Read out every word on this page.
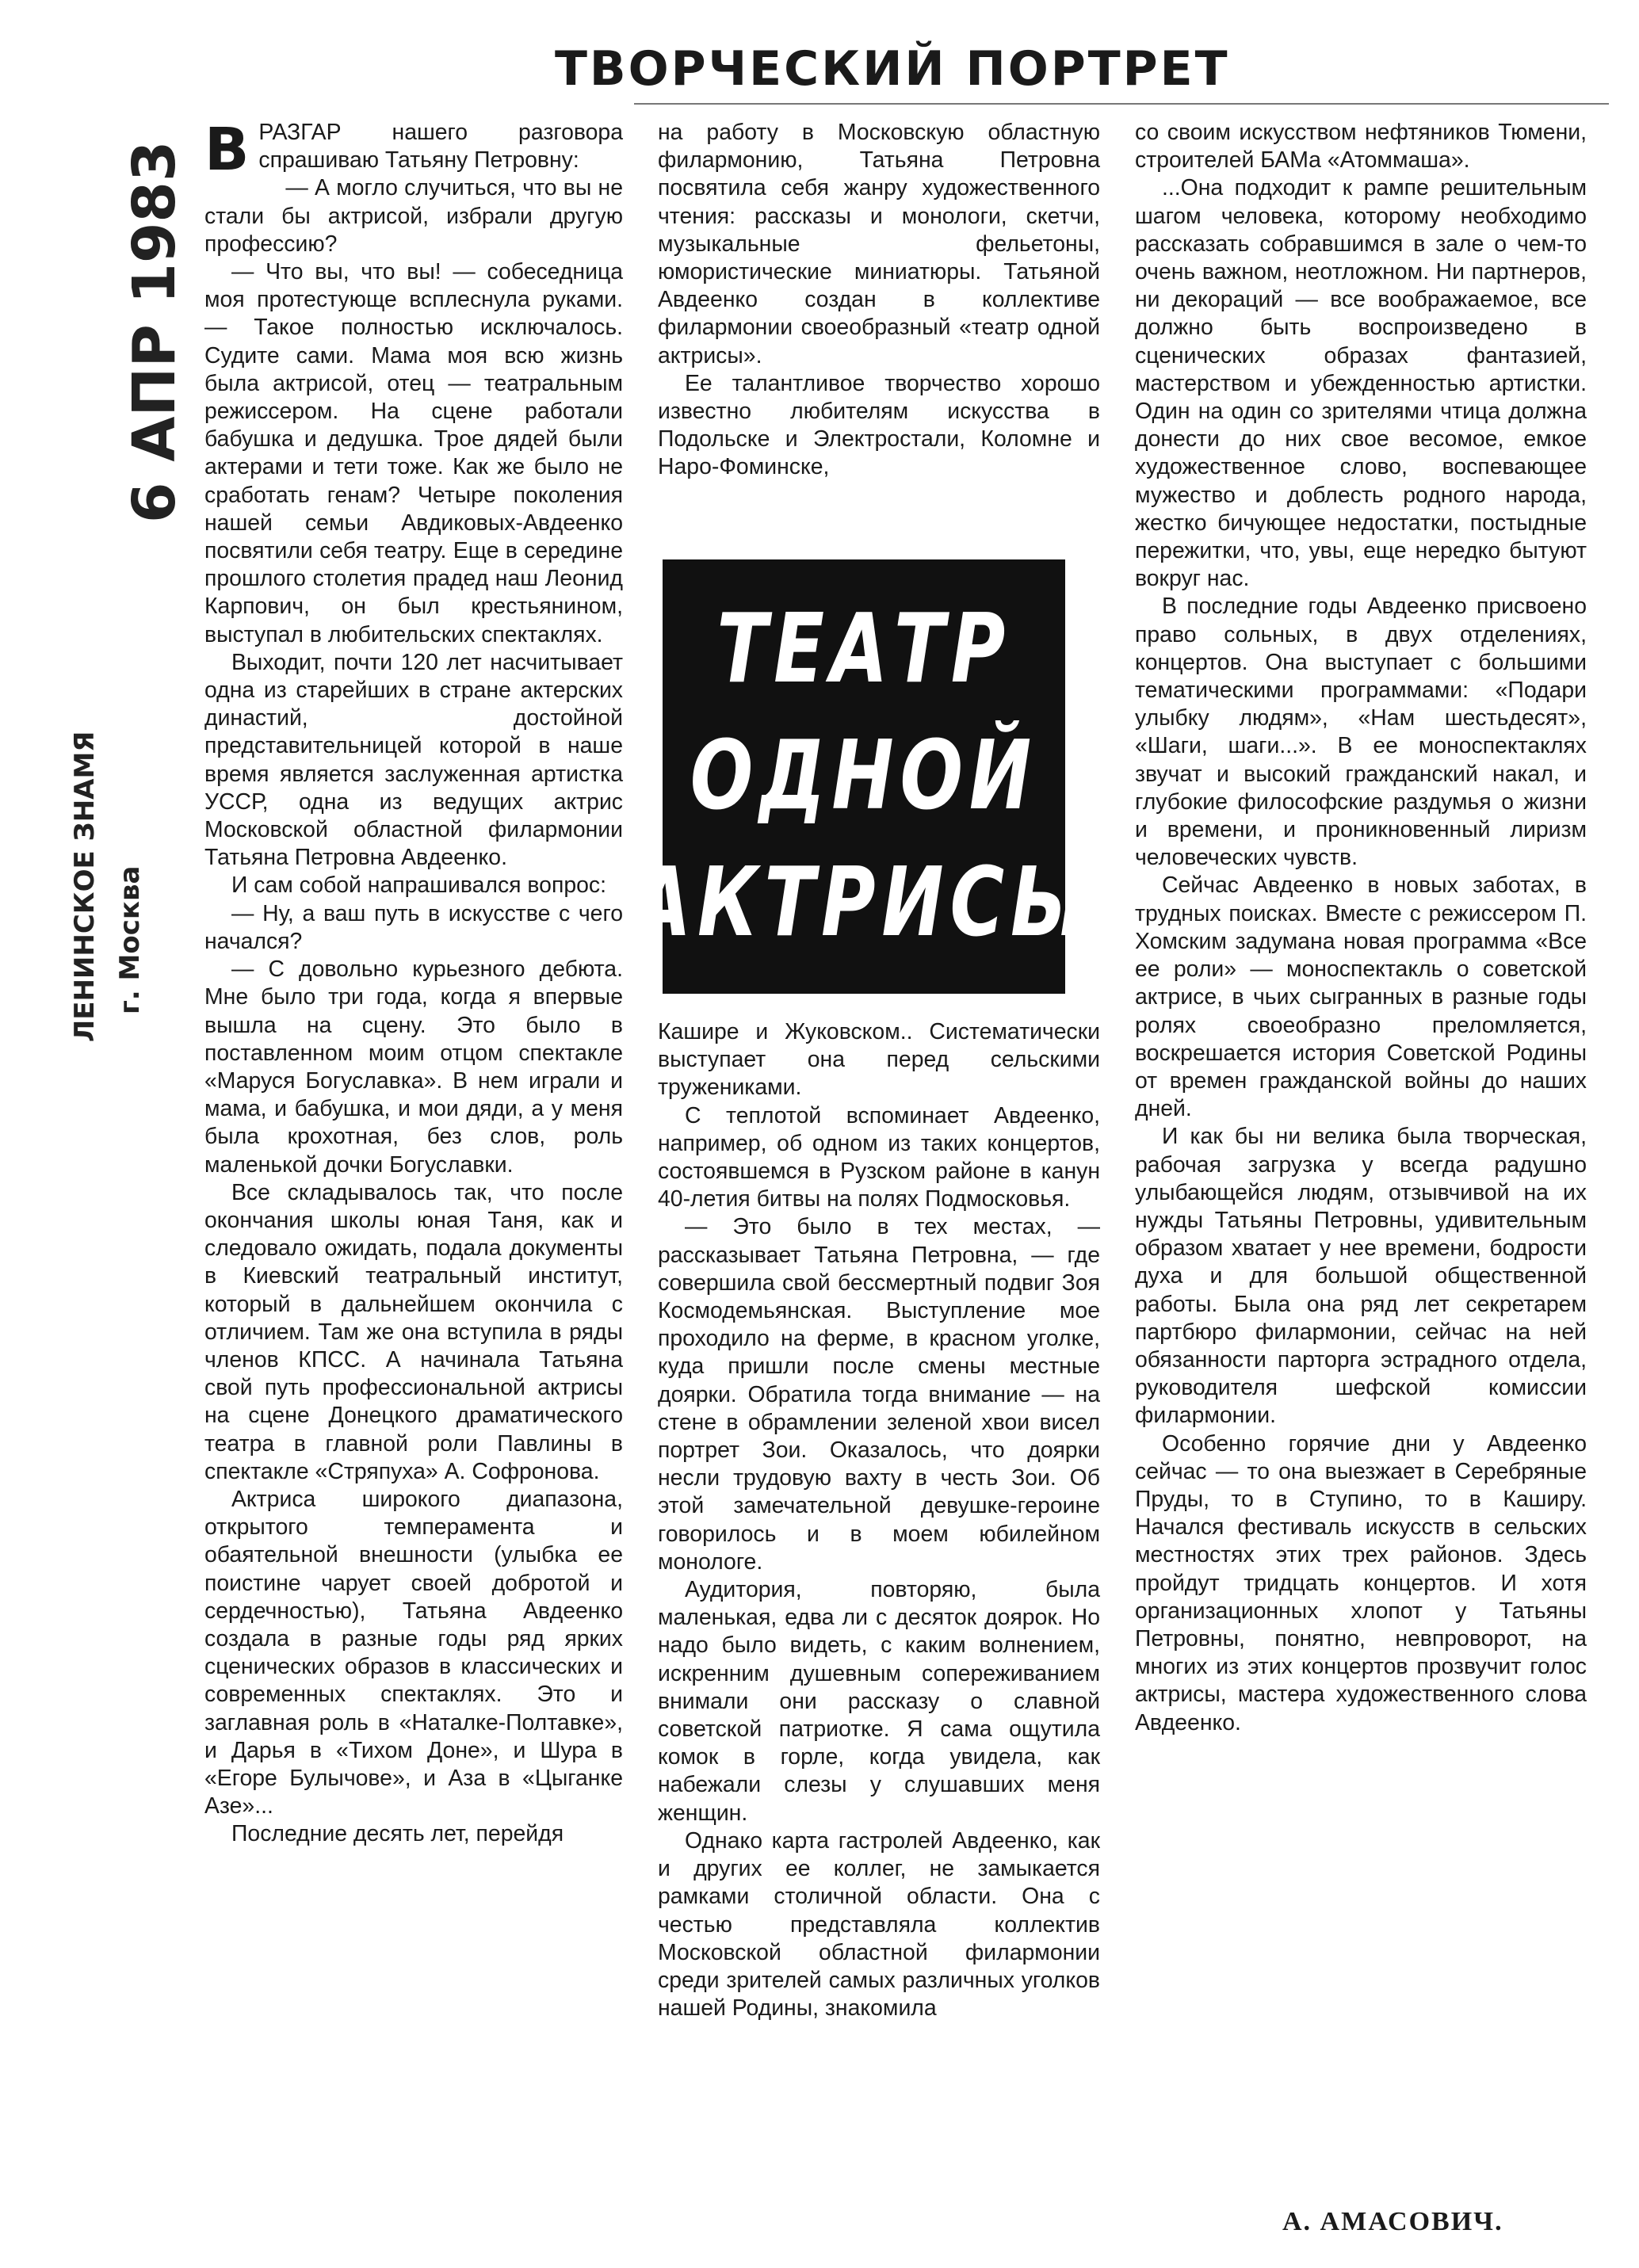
ТВОРЧЕСКИЙ ПОРТРЕТ
6 АПР 1983
ЛЕНИНСКОЕ ЗНАМЯ г. Москва
В РАЗГАР нашего разговора спрашиваю Татьяну Петровну:

— А могло случиться, что вы не стали бы актрисой, избрали другую профессию?

— Что вы, что вы! — собеседница моя протестующе всплеснула руками. — Такое полностью исключалось. Судите сами. Мама моя всю жизнь была актрисой, отец — театральным режиссером. На сцене работали бабушка и дедушка. Трое дядей были актерами и тети тоже. Как же было не сработать генам? Четыре поколения нашей семьи Авдиковых-Авдеенко посвятили себя театру. Еще в середине прошлого столетия прадед наш Леонид Карпович, он был крестьянином, выступал в любительских спектаклях.

Выходит, почти 120 лет насчитывает одна из старейших в стране актерских династий, достойной представительницей которой в наше время является заслуженная артистка УССР, одна из ведущих актрис Московской областной филармонии Татьяна Петровна Авдеенко.

И сам собой напрашивался вопрос:

— Ну, а ваш путь в искусстве с чего начался?

— С довольно курьезного дебюта. Мне было три года, когда я впервые вышла на сцену. Это было в поставленном моим отцом спектакле «Маруся Богуславка». В нем играли и мама, и бабушка, и мои дяди, а у меня была крохотная, без слов, роль маленькой дочки Богуславки.

Все складывалось так, что после окончания школы юная Таня, как и следовало ожидать, подала документы в Киевский театральный институт, который в дальнейшем окончила с отличием. Там же она вступила в ряды членов КПСС. А начинала Татьяна свой путь профессиональной актрисы на сцене Донецкого драматического театра в главной роли Павлины в спектакле «Стряпуха» А. Софронова.

Актриса широкого диапазона, открытого темперамента и обаятельной внешности (улыбка ее поистине чарует своей добротой и сердечностью), Татьяна Авдеенко создала в разные годы ряд ярких сценических образов в классических и современных спектаклях. Это и заглавная роль в «Наталке-Полтавке», и Дарья в «Тихом Доне», и Шура в «Егоре Булычове», и Аза в «Цыганке Азе»...

Последние десять лет, перейдя

на работу в Московскую областную филармонию, Татьяна Петровна посвятила себя жанру художественного чтения: рассказы и монологи, скетчи, музыкальные фельетоны, юмористические миниатюры. Татьяной Авдеенко создан в коллективе филармонии своеобразный «театр одной актрисы».

Ее талантливое творчество хорошо известно любителям искусства в Подольске и Электростали, Коломне и Наро-Фоминске,

ТЕАТР
ОДНОЙ
АКТРИСЫ

Кашире и Жуковском.. Систематически выступает она перед сельскими тружениками.

С теплотой вспоминает Авдеенко, например, об одном из таких концертов, состоявшемся в Рузском районе в канун 40-летия битвы на полях Подмосковья.

— Это было в тех местах, — рассказывает Татьяна Петровна, — где совершила свой бессмертный подвиг Зоя Космодемьянская. Выступление мое проходило на ферме, в красном уголке, куда пришли после смены местные доярки. Обратила тогда внимание — на стене в обрамлении зеленой хвои висел портрет Зои. Оказалось, что доярки несли трудовую вахту в честь Зои. Об этой замечательной девушке-героине говорилось и в моем юбилейном монологе.

Аудитория, повторяю, была маленькая, едва ли с десяток доярок. Но надо было видеть, с каким волнением, искренним душевным сопереживанием внимали они рассказу о славной советской патриотке. Я сама ощутила комок в горле, когда увидела, как набежали слезы у слушавших меня женщин.

Однако карта гастролей Авдеенко, как и других ее коллег, не замыкается рамками столичной области. Она с честью представляла коллектив Московской областной филармонии среди зрителей самых различных уголков нашей Родины, знакомила

со своим искусством нефтяников Тюмени, строителей БАМа «Атоммаша».

...Она подходит к рампе решительным шагом человека, которому необходимо рассказать собравшимся в зале о чем-то очень важном, неотложном. Ни партнеров, ни декораций — все воображаемое, все должно быть воспроизведено в сценических образах фантазией, мастерством и убежденностью артистки. Один на один со зрителями чтица должна донести до них свое весомое, емкое художественное слово, воспевающее мужество и доблесть родного народа, жестко бичующее недостатки, постыдные пережитки, что, увы, еще нередко бытуют вокруг нас.

В последние годы Авдеенко присвоено право сольных, в двух отделениях, концертов. Она выступает с большими тематическими программами: «Подари улыбку людям», «Нам шестьдесят», «Шаги, шаги...». В ее моноспектаклях звучат и высокий гражданский накал, и глубокие философские раздумья о жизни и времени, и проникновенный лиризм человеческих чувств.

Сейчас Авдеенко в новых заботах, в трудных поисках. Вместе с режиссером П. Хомским задумана новая программа «Все ее роли» — моноспектакль о советской актрисе, в чьих сыгранных в разные годы ролях своеобразно преломляется, воскрешается история Советской Родины от времен гражданской войны до наших дней.

И как бы ни велика была творческая, рабочая загрузка у всегда радушно улыбающейся людям, отзывчивой на их нужды Татьяны Петровны, удивительным образом хватает у нее времени, бодрости духа и для большой общественной работы. Была она ряд лет секретарем партбюро филармонии, сейчас на ней обязанности парторга эстрадного отдела, руководителя шефской комиссии филармонии.

Особенно горячие дни у Авдеенко сейчас — то она выезжает в Серебряные Пруды, то в Ступино, то в Каширу. Начался фестиваль искусств в сельских местностях этих трех районов. Здесь пройдут тридцать концертов. И хотя организационных хлопот у Татьяны Петровны, понятно, невпроворот, на многих из этих концертов прозвучит голос актрисы, мастера художественного слова Авдеенко.

А. АМАСОВИЧ.
